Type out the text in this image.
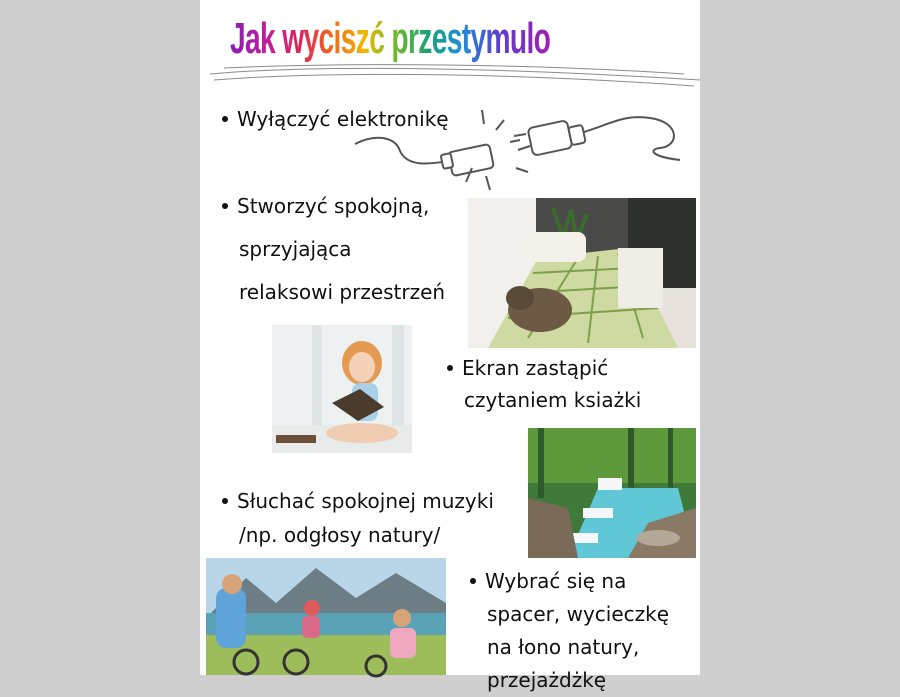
Jak wyciszć przestymulowany układ nerwow
Wyłączyć elektronikę
Stworzyć spokojną,
sprzyjająca
relaksowi przestrzeń
Ekran zastąpić
czytaniem ksiażki
Słuchać spokojnej muzyki
/np. odgłosy natury/
Wybrać się na
spacer, wycieczkę
na łono natury,
przejażdżkę
